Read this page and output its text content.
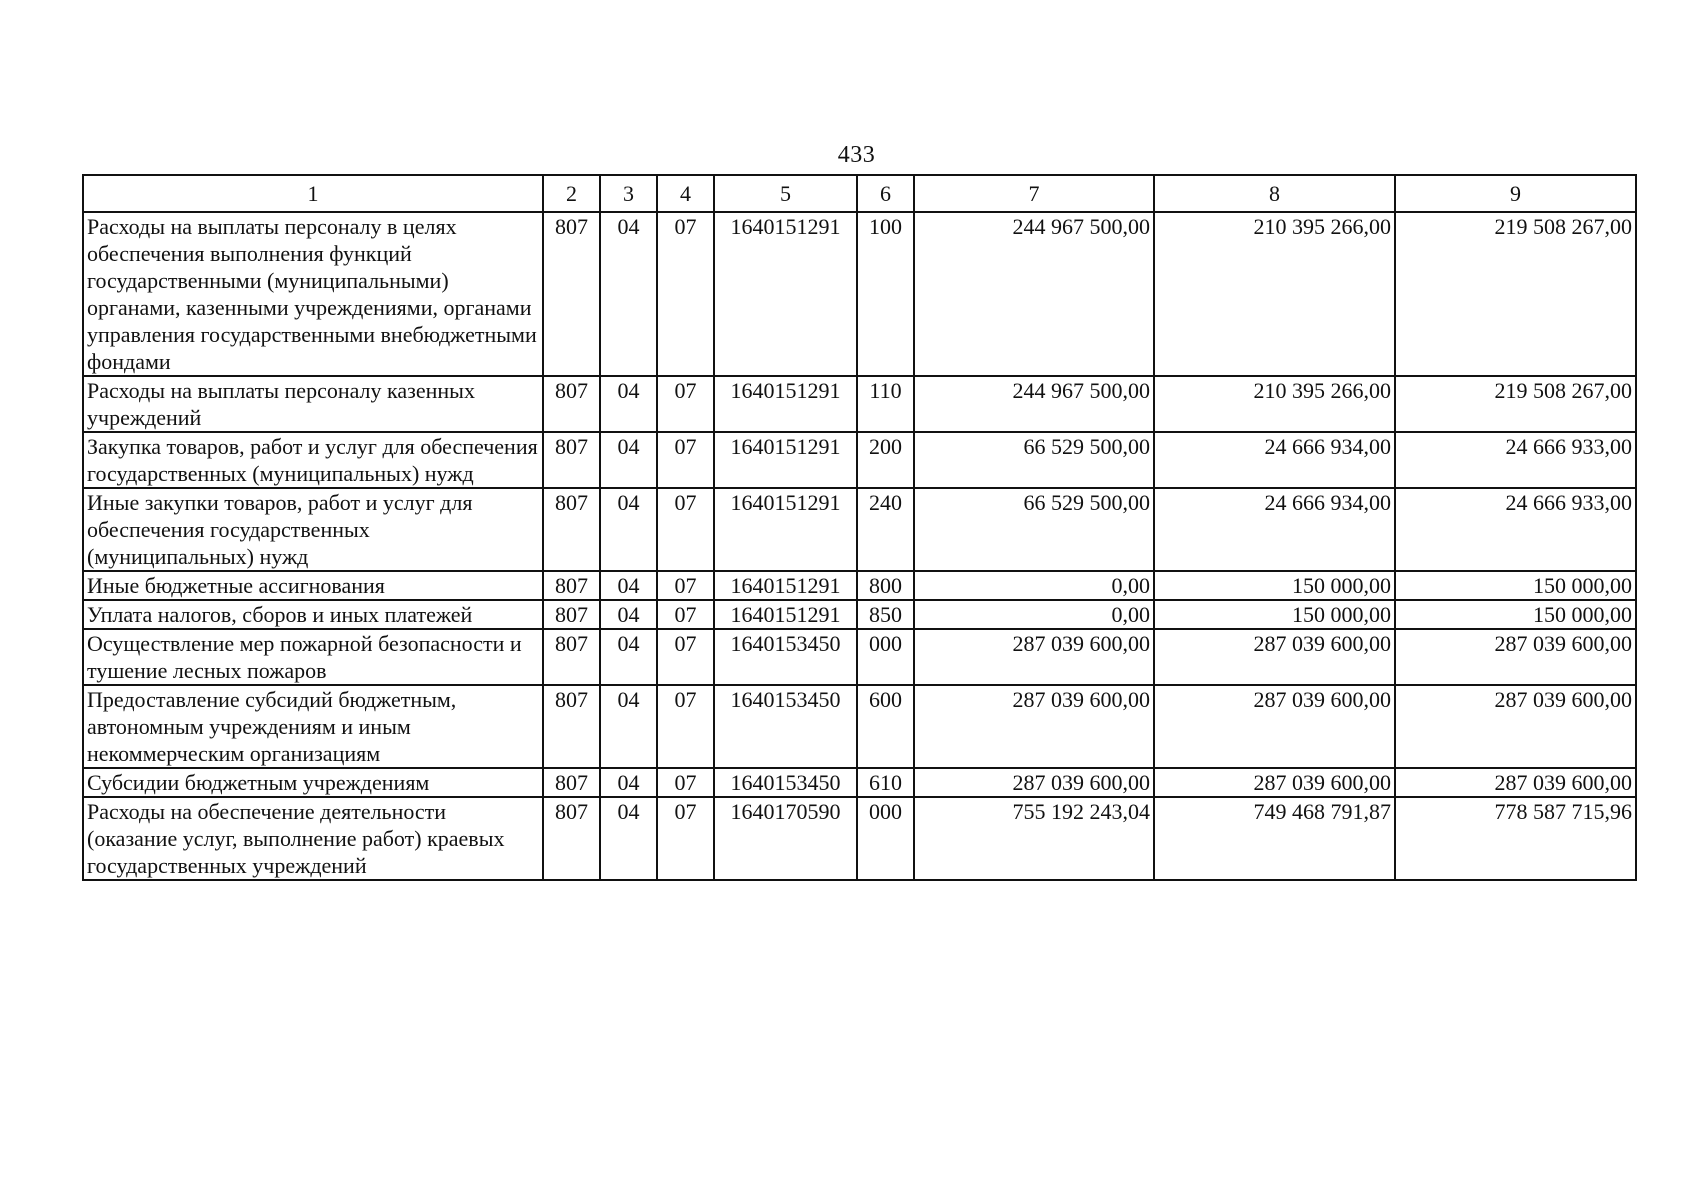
433
1	2	3	4	5	6	7	8	9
Расходы на выплаты персоналу в целях обеспечения выполнения функций государственными (муниципальными) органами, казенными учреждениями, органами управления государственными внебюджетными фондами	807	04	07	1640151291	100	244 967 500,00	210 395 266,00	219 508 267,00
Расходы на выплаты персоналу казенных учреждений	807	04	07	1640151291	110	244 967 500,00	210 395 266,00	219 508 267,00
Закупка товаров, работ и услуг для обеспечения государственных (муниципальных) нужд	807	04	07	1640151291	200	66 529 500,00	24 666 934,00	24 666 933,00
Иные закупки товаров, работ и услуг для обеспечения государственных (муниципальных) нужд	807	04	07	1640151291	240	66 529 500,00	24 666 934,00	24 666 933,00
Иные бюджетные ассигнования	807	04	07	1640151291	800	0,00	150 000,00	150 000,00
Уплата налогов, сборов и иных платежей	807	04	07	1640151291	850	0,00	150 000,00	150 000,00
Осуществление мер пожарной безопасности и тушение лесных пожаров	807	04	07	1640153450	000	287 039 600,00	287 039 600,00	287 039 600,00
Предоставление субсидий бюджетным, автономным учреждениям и иным некоммерческим организациям	807	04	07	1640153450	600	287 039 600,00	287 039 600,00	287 039 600,00
Субсидии бюджетным учреждениям	807	04	07	1640153450	610	287 039 600,00	287 039 600,00	287 039 600,00
Расходы на обеспечение деятельности (оказание услуг, выполнение работ) краевых государственных учреждений	807	04	07	1640170590	000	755 192 243,04	749 468 791,87	778 587 715,96
